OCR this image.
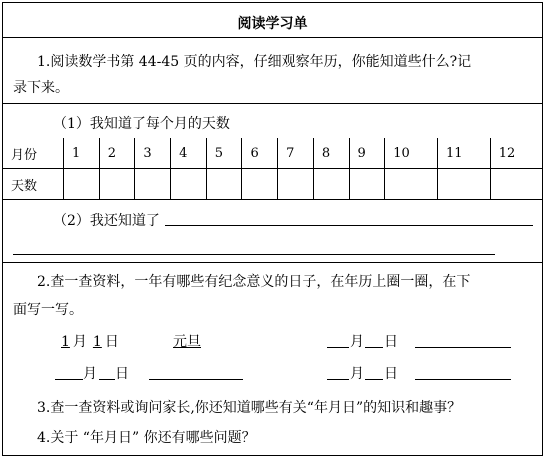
阅读学习单
1.阅读数学书第 44-45 页的内容，仔细观察年历，你能知道些什么?记
录下来。
（1）我知道了每个月的天数
月份	1	2	3	4	5	6	7	8	9	10	11	12
天数												
（2）我还知道了
2.查一查资料，一年有哪些有纪念意义的日子，在年历上圈一圈，在下
面写一写。
1 月 1 日	元旦	月 日
月 日	月 日
3.查一查资料或询问家长,你还知道哪些有关“年月日”的知识和趣事？
4.关于 “年月日” 你还有哪些问题？
